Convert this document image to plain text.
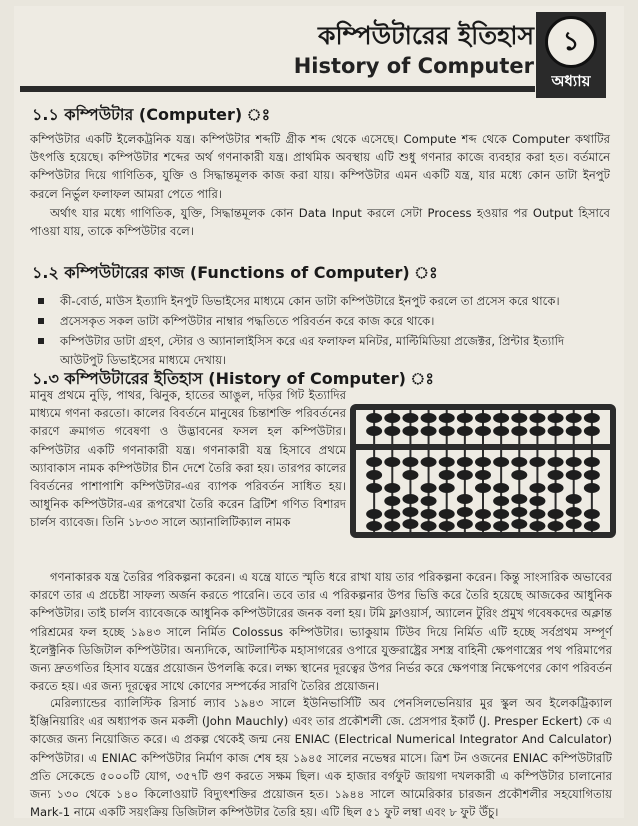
কম্পিউটারের ইতিহাস
History of Computer
১
অধ্যায়
১.১ কম্পিউটার (Computer) ঃ

কম্পিউটার একটি ইলেকট্রনিক যন্ত্র। কম্পিউটার শব্দটি গ্রীক শব্দ থেকে এসেছে। Compute শব্দ থেকে Computer কথাটির উৎপত্তি হয়েছে। কম্পিউটার শব্দের অর্থ গণনাকারী যন্ত্র। প্রাথমিক অবস্থায় এটি শুধু গণনার কাজে ব্যবহার করা হত। বর্তমানে কম্পিউটার দিয়ে গাণিতিক, যুক্তি ও সিদ্ধান্তমূলক কাজ করা যায়। কম্পিউটার এমন একটি যন্ত্র, যার মধ্যে কোন ডাটা ইনপুট করলে নির্ভুল ফলাফল আমরা পেতে পারি।

অর্থাৎ যার মধ্যে গাণিতিক, যুক্তি, সিদ্ধান্তমূলক কোন Data Input করলে সেটা Process হওয়ার পর Output হিসাবে পাওয়া যায়, তাকে কম্পিউটার বলে।

১.২ কম্পিউটারের কাজ (Functions of Computer) ঃ
কী-বোর্ড, মাউস ইত্যাদি ইনপুট ডিভাইসের মাধ্যমে কোন ডাটা কম্পিউটারে ইনপুট করলে তা প্রসেস করে থাকে।
প্রসেসকৃত সকল ডাটা কম্পিউটার নাম্বার পদ্ধতিতে পরিবর্তন করে কাজ করে থাকে।
কম্পিউটার ডাটা গ্রহণ, স্টোর ও অ্যানালাইসিস করে এর ফলাফল মনিটর, মাল্টিমিডিয়া প্রজেক্টর, প্রিন্টার ইত্যাদি আউটপুট ডিভাইসের মাধ্যমে দেখায়।
১.৩ কম্পিউটারের ইতিহাস (History of Computer) ঃ

মানুষ প্রথমে নুড়ি, পাথর, ঝিনুক, হাতের আঙুল, দড়ির গিট ইত্যাদির মাধ্যমে গণনা করতো। কালের বিবর্তনে মানুষের চিন্তাশক্তি পরিবর্তনের কারণে ক্রমাগত গবেষণা ও উদ্ভাবনের ফসল হল কম্পিউটার। কম্পিউটার একটি গণনাকারী যন্ত্র। গণনাকারী যন্ত্র হিসাবে প্রথমে অ্যাবাকাস নামক কম্পিউটার চীন দেশে তৈরি করা হয়। তারপর কালের বিবর্তনের পাশাপাশি কম্পিউটার-এর ব্যাপক পরিবর্তন সাধিত হয়। আধুনিক কম্পিউটার-এর রূপরেখা তৈরি করেন ব্রিটিশ গণিত বিশারদ চার্লস ব্যাবেজ। তিনি ১৮৩৩ সালে অ্যানালিটিক্যাল নামক

গণনাকারক যন্ত্র তৈরির পরিকল্পনা করেন। এ যন্ত্রে যাতে স্মৃতি ধরে রাখা যায় তার পরিকল্পনা করেন। কিন্তু সাংসারিক অভাবের কারণে তার এ প্রচেষ্টা সাফল্য অর্জন করতে পারেনি। তবে তার এ পরিকল্পনার উপর ভিত্তি করে তৈরি হয়েছে আজকের আধুনিক কম্পিউটার। তাই চার্লস ব্যাবেজকে আধুনিক কম্পিউটারের জনক বলা হয়। টমি ফ্লাওয়ার্স, অ্যালেন টুরিং প্রমুখ গবেষকদের অক্লান্ত পরিশ্রমের ফল হচ্ছে ১৯৪৩ সালে নির্মিত Colossus কম্পিউটার। ভ্যাকুয়াম টিউব দিয়ে নির্মিত এটি হচ্ছে সর্বপ্রথম সম্পূর্ণ ইলেক্ট্রনিক ডিজিটাল কম্পিউটার। অন্যদিকে, আটলান্টিক মহাসাগরের ওপারে যুক্তরাষ্ট্রের সশস্ত্র বাহিনী ক্ষেপণাস্ত্রের পথ পরিমাপের জন্য দ্রুতগতির হিসাব যন্ত্রের প্রয়োজন উপলব্ধি করে। লক্ষ্য স্থানের দূরত্বের উপর নির্ভর করে ক্ষেপণাস্ত্র নিক্ষেপণের কোণ পরিবর্তন করতে হয়। এর জন্য দূরত্বের সাথে কোণের সম্পর্কের সারণি তৈরির প্রয়োজন।

মেরিল্যান্ডের ব্যালিস্টিক রিসার্চ ল্যাব ১৯৪৩ সালে ইউনিভার্সিটি অব পেনসিলভেনিয়ার মুর স্কুল অব ইলেকট্রিক্যাল ইঞ্জিনিয়ারিং এর অধ্যাপক জন মকলী (John Mauchly) এবং তার প্রকৌশলী জে. প্রেসপার ইকার্ট (J. Presper Eckert) কে এ কাজের জন্য নিয়োজিত করে। এ প্রকল্প থেকেই জন্ম নেয় ENIAC (Electrical Numerical Integrator And Calculator) কম্পিউটার। এ ENIAC কম্পিউটার নির্মাণ কাজ শেষ হয় ১৯৪৫ সালের নভেম্বর মাসে। ত্রিশ টন ওজনের ENIAC কম্পিউটারটি প্রতি সেকেন্ডে ৫০০০টি যোগ, ৩৫৭টি গুণ করতে সক্ষম ছিল। এক হাজার বর্গফুট জায়গা দখলকারী এ কম্পিউটার চালানোর জন্য ১৩০ থেকে ১৪০ কিলোওয়াট বিদ্যুৎশক্তির প্রয়োজন হত। ১৯৪৪ সালে আমেরিকার চারজন প্রকৌশলীর সহযোগিতায় Mark-1 নামে একটি সয়ংক্রিয় ডিজিটাল কম্পিউটার তৈরি হয়। এটি ছিল ৫১ ফুট লম্বা এবং ৮ ফুট উঁচু।
